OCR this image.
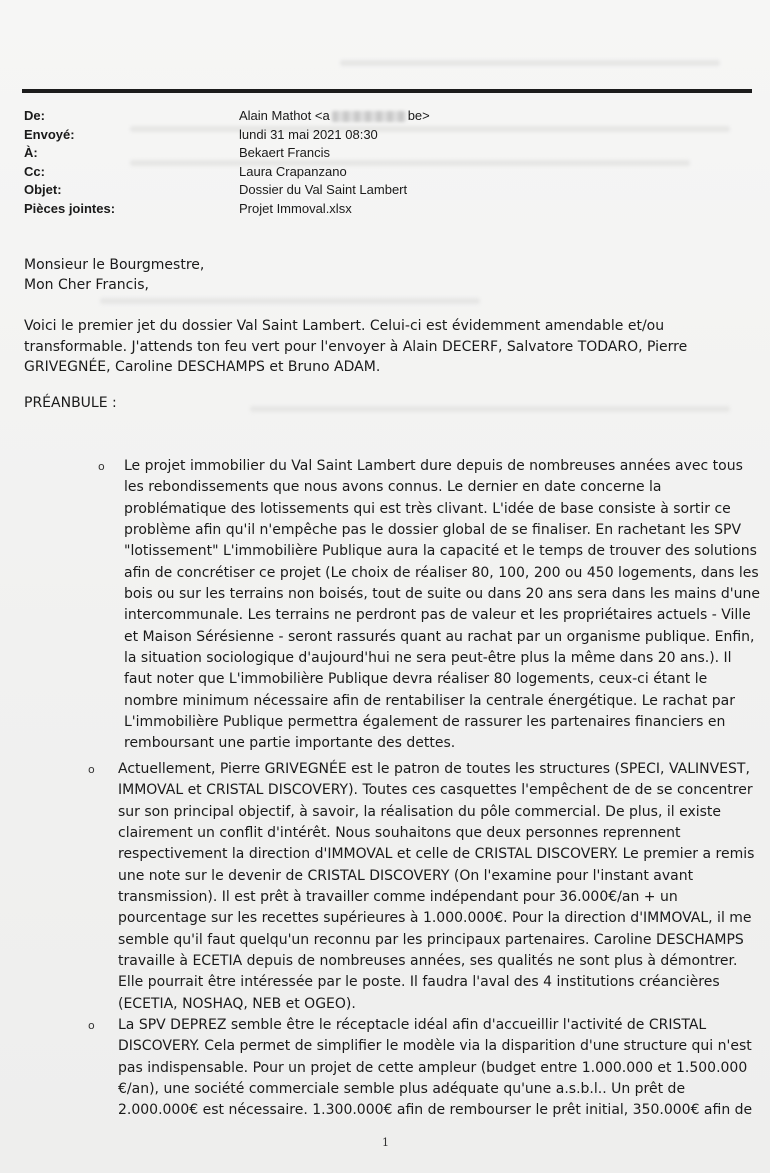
De:	Alain Mathot <a	be>
Envoyé:	lundi 31 mai 2021 08:30
À:	Bekaert Francis
Cc:	Laura Crapanzano
Objet:	Dossier du Val Saint Lambert
Pièces jointes:	Projet Immoval.xlsx
Monsieur le Bourgmestre,
Mon Cher Francis,
Voici le premier jet du dossier Val Saint Lambert. Celui-ci est évidemment amendable et/ou transformable. J'attends ton feu vert pour l'envoyer à Alain DECERF, Salvatore TODARO, Pierre GRIVEGNÉE, Caroline DESCHAMPS et Bruno ADAM.
PRÉANBULE :
o	Le projet immobilier du Val Saint Lambert dure depuis de nombreuses années avec tous les rebondissements que nous avons connus. Le dernier en date concerne la problématique des lotissements qui est très clivant. L'idée de base consiste à sortir ce problème afin qu'il n'empêche pas le dossier global de se finaliser. En rachetant les SPV "lotissement" L'immobilière Publique aura la capacité et le temps de trouver des solutions afin de concrétiser ce projet (Le choix de réaliser 80, 100, 200 ou 450 logements, dans les bois ou sur les terrains non boisés, tout de suite ou dans 20 ans sera dans les mains d'une intercommunale. Les terrains ne perdront pas de valeur et les propriétaires actuels - Ville et Maison Sérésienne - seront rassurés quant au rachat par un organisme publique. Enfin, la situation sociologique d'aujourd'hui ne sera peut-être plus la même dans 20 ans.). Il faut noter que L'immobilière Publique devra réaliser 80 logements, ceux-ci étant le nombre minimum nécessaire afin de rentabiliser la centrale énergétique. Le rachat par L'immobilière Publique permettra également de rassurer les partenaires financiers en remboursant une partie importante des dettes.
o	Actuellement, Pierre GRIVEGNÉE est le patron de toutes les structures (SPECI, VALINVEST, IMMOVAL et CRISTAL DISCOVERY). Toutes ces casquettes l'empêchent de de se concentrer sur son principal objectif, à savoir, la réalisation du pôle commercial. De plus, il existe clairement un conflit d'intérêt. Nous souhaitons que deux personnes reprennent respectivement la direction d'IMMOVAL et celle de CRISTAL DISCOVERY. Le premier a remis une note sur le devenir de CRISTAL DISCOVERY (On l'examine pour l'instant avant transmission). Il est prêt à travailler comme indépendant pour 36.000€/an + un pourcentage sur les recettes supérieures à 1.000.000€. Pour la direction d'IMMOVAL, il me semble qu'il faut quelqu'un reconnu par les principaux partenaires. Caroline DESCHAMPS travaille à ECETIA depuis de nombreuses années, ses qualités ne sont plus à démontrer. Elle pourrait être intéressée par le poste. Il faudra l'aval des 4 institutions créancières (ECETIA, NOSHAQ, NEB et OGEO).
o	La SPV DEPREZ semble être le réceptacle idéal afin d'accueillir l'activité de CRISTAL DISCOVERY. Cela permet de simplifier le modèle via la disparition d'une structure qui n'est pas indispensable. Pour un projet de cette ampleur (budget entre 1.000.000 et 1.500.000 €/an), une société commerciale semble plus adéquate qu'une a.s.b.l.. Un prêt de 2.000.000€ est nécessaire. 1.300.000€ afin de rembourser le prêt initial, 350.000€ afin de
1
